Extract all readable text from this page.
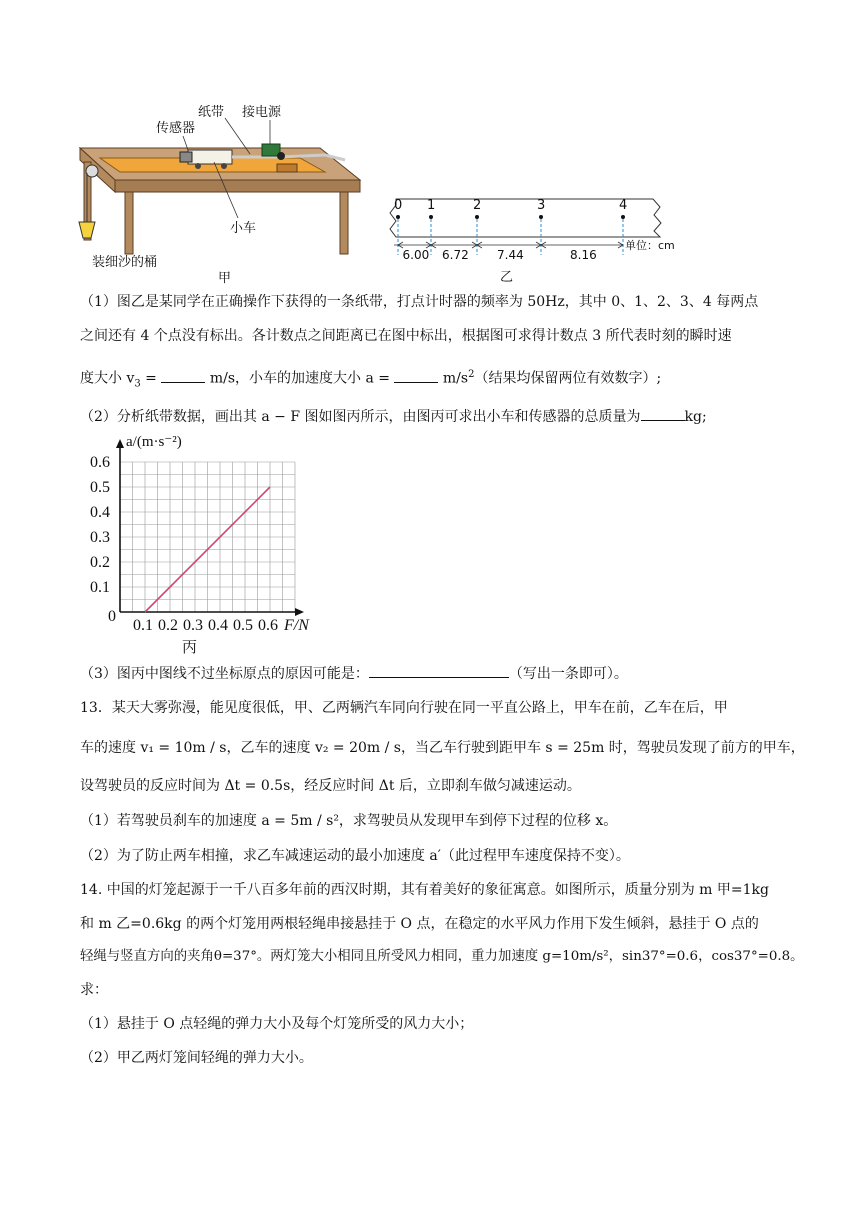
纸带 接电源
传感器
小车
装细沙的桶
甲
0 1	2	3	4
6.00 6.72 7.44	8.16
单位：cm
乙
（1）图乙是某同学在正确操作下获得的一条纸带，打点计时器的频率为 50Hz，其中 0、1、2、3、4 每两点
之间还有 4 个点没有标出。各计数点之间距离已在图中标出，根据图可求得计数点 3 所代表时刻的瞬时速
度大小 $v_3$ =	m/s，小车的加速度大小 a =	$m/s^2$（结果均保留两位有效数字）;
（2）分析纸带数据，画出其 a − F 图如图丙所示，由图丙可求出小车和传感器的总质量为	kg;
a/(m·s⁻²)
F/N
丙
0
0.1 0.2 0.3 0.4 0.5 0.6
0.1
0.2
0.3
0.4
0.5
0.6
（3）图丙中图线不过坐标原点的原因可能是：	（写出一条即可）。
13．某天大雾弥漫，能见度很低，甲、乙两辆汽车同向行驶在同一平直公路上，甲车在前，乙车在后，甲
车的速度 v₁ = 10m / s，乙车的速度 v₂ = 20m / s，当乙车行驶到距甲车 s = 25m 时，驾驶员发现了前方的甲车，
设驾驶员的反应时间为 Δt = 0.5s，经反应时间 Δt 后，立即刹车做匀减速运动。
（1）若驾驶员刹车的加速度 a = 5m / s²，求驾驶员从发现甲车到停下过程的位移 x。
（2）为了防止两车相撞，求乙车减速运动的最小加速度 a′（此过程甲车速度保持不变）。
14. 中国的灯笼起源于一千八百多年前的西汉时期，其有着美好的象征寓意。如图所示，质量分别为 m 甲=1kg
和 m 乙=0.6kg 的两个灯笼用两根轻绳串接悬挂于 O 点，在稳定的水平风力作用下发生倾斜，悬挂于 O 点的
轻绳与竖直方向的夹角θ=37°。两灯笼大小相同且所受风力相同，重力加速度 g=10m/s²，sin37°=0.6，cos37°=0.8。
求：
（1）悬挂于 O 点轻绳的弹力大小及每个灯笼所受的风力大小；
（2）甲乙两灯笼间轻绳的弹力大小。
